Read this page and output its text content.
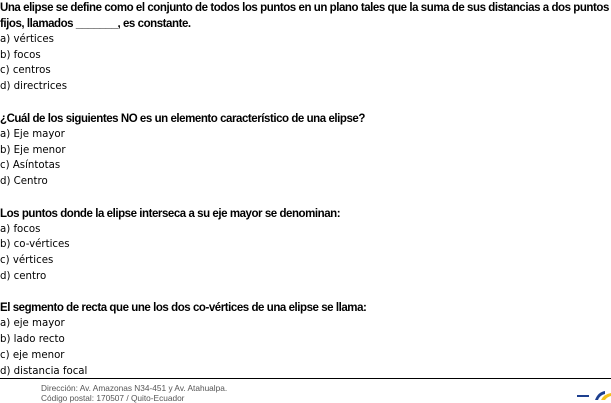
Una elipse se define como el conjunto de todos los puntos en un plano tales que la suma de sus distancias a dos puntos fijos, llamados _______, es constante.

a) vértices

b) focos

c) centros

d) directrices

¿Cuál de los siguientes NO es un elemento característico de una elipse?

a) Eje mayor

b) Eje menor

c) Asíntotas

d) Centro

Los puntos donde la elipse interseca a su eje mayor se denominan:

a) focos

b) co-vértices

c) vértices

d) centro

El segmento de recta que une los dos co-vértices de una elipse se llama:

a) eje mayor

b) lado recto

c) eje menor

d) distancia focal

Dirección: Av. Amazonas N34-451 y Av. Atahualpa.
Código postal: 170507 / Quito-Ecuador
